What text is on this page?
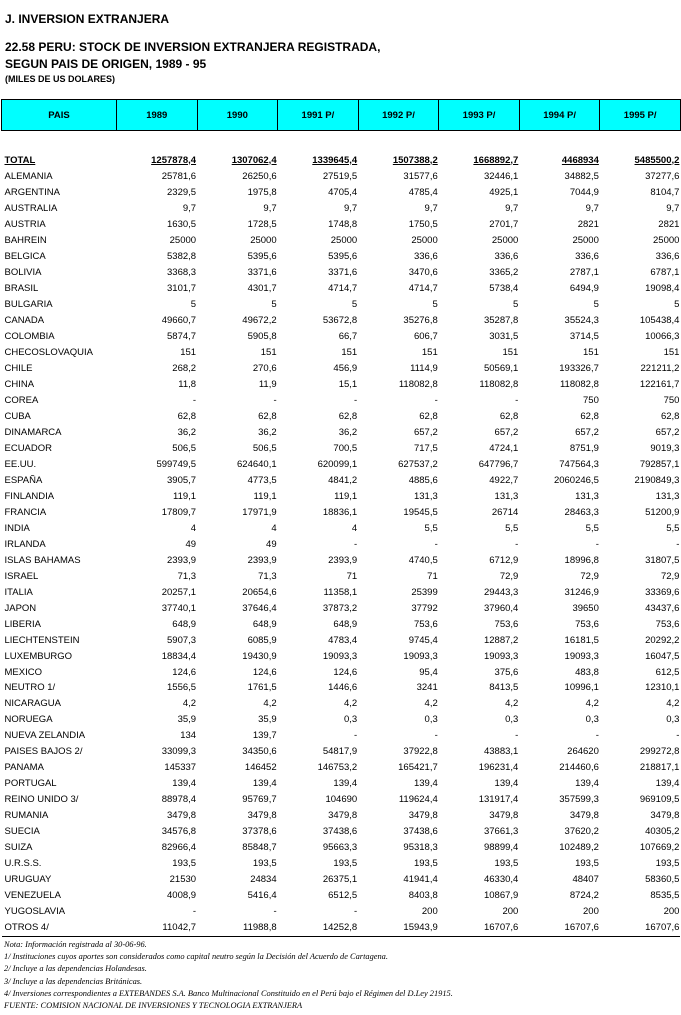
J. INVERSION EXTRANJERA
22.58 PERU: STOCK DE INVERSION EXTRANJERA REGISTRADA,
SEGUN PAIS DE ORIGEN, 1989 - 95
(MILES DE US DOLARES)
PAIS	1989	1990	1991 P/	1992 P/	1993 P/	1994 P/	1995 P/

TOTAL	1257878,4	1307062,4	1339645,4	1507388,2	1668892,7	4468934	5485500,2
ALEMANIA	25781,6	26250,6	27519,5	31577,6	32446,1	34882,5	37277,6
ARGENTINA	2329,5	1975,8	4705,4	4785,4	4925,1	7044,9	8104,7
AUSTRALIA	9,7	9,7	9,7	9,7	9,7	9,7	9,7
AUSTRIA	1630,5	1728,5	1748,8	1750,5	2701,7	2821	2821
BAHREIN	25000	25000	25000	25000	25000	25000	25000
BELGICA	5382,8	5395,6	5395,6	336,6	336,6	336,6	336,6
BOLIVIA	3368,3	3371,6	3371,6	3470,6	3365,2	2787,1	6787,1
BRASIL	3101,7	4301,7	4714,7	4714,7	5738,4	6494,9	19098,4
BULGARIA	5	5	5	5	5	5	5
CANADA	49660,7	49672,2	53672,8	35276,8	35287,8	35524,3	105438,4
COLOMBIA	5874,7	5905,8	66,7	606,7	3031,5	3714,5	10066,3
CHECOSLOVAQUIA	151	151	151	151	151	151	151
CHILE	268,2	270,6	456,9	1114,9	50569,1	193326,7	221211,2
CHINA	11,8	11,9	15,1	118082,8	118082,8	118082,8	122161,7
COREA	-	-	-	-	-	750	750
CUBA	62,8	62,8	62,8	62,8	62,8	62,8	62,8
DINAMARCA	36,2	36,2	36,2	657,2	657,2	657,2	657,2
ECUADOR	506,5	506,5	700,5	717,5	4724,1	8751,9	9019,3
EE.UU.	599749,5	624640,1	620099,1	627537,2	647796,7	747564,3	792857,1
ESPAÑA	3905,7	4773,5	4841,2	4885,6	4922,7	2060246,5	2190849,3
FINLANDIA	119,1	119,1	119,1	131,3	131,3	131,3	131,3
FRANCIA	17809,7	17971,9	18836,1	19545,5	26714	28463,3	51200,9
INDIA	4	4	4	5,5	5,5	5,5	5,5
IRLANDA	49	49	-	-	-	-	-
ISLAS BAHAMAS	2393,9	2393,9	2393,9	4740,5	6712,9	18996,8	31807,5
ISRAEL	71,3	71,3	71	71	72,9	72,9	72,9
ITALIA	20257,1	20654,6	11358,1	25399	29443,3	31246,9	33369,6
JAPON	37740,1	37646,4	37873,2	37792	37960,4	39650	43437,6
LIBERIA	648,9	648,9	648,9	753,6	753,6	753,6	753,6
LIECHTENSTEIN	5907,3	6085,9	4783,4	9745,4	12887,2	16181,5	20292,2
LUXEMBURGO	18834,4	19430,9	19093,3	19093,3	19093,3	19093,3	16047,5
MEXICO	124,6	124,6	124,6	95,4	375,6	483,8	612,5
NEUTRO 1/	1556,5	1761,5	1446,6	3241	8413,5	10996,1	12310,1
NICARAGUA	4,2	4,2	4,2	4,2	4,2	4,2	4,2
NORUEGA	35,9	35,9	0,3	0,3	0,3	0,3	0,3
NUEVA ZELANDIA	134	139,7	-	-	-	-	-
PAISES BAJOS 2/	33099,3	34350,6	54817,9	37922,8	43883,1	264620	299272,8
PANAMA	145337	146452	146753,2	165421,7	196231,4	214460,6	218817,1
PORTUGAL	139,4	139,4	139,4	139,4	139,4	139,4	139,4
REINO UNIDO 3/	88978,4	95769,7	104690	119624,4	131917,4	357599,3	969109,5
RUMANIA	3479,8	3479,8	3479,8	3479,8	3479,8	3479,8	3479,8
SUECIA	34576,8	37378,6	37438,6	37438,6	37661,3	37620,2	40305,2
SUIZA	82966,4	85848,7	95663,3	95318,3	98899,4	102489,2	107669,2
U.R.S.S.	193,5	193,5	193,5	193,5	193,5	193,5	193,5
URUGUAY	21530	24834	26375,1	41941,4	46330,4	48407	58360,5
VENEZUELA	4008,9	5416,4	6512,5	8403,8	10867,9	8724,2	8535,5
YUGOSLAVIA	-	-	-	200	200	200	200
OTROS 4/	11042,7	11988,8	14252,8	15943,9	16707,6	16707,6	16707,6
Nota: Información registrada al 30-06-96.
1/ Instituciones cuyos aportes son considerados como capital neutro según la Decisión del Acuerdo de Cartagena.
2/ Incluye a las dependencias Holandesas.
3/ Incluye a las dependencias Británicas.
4/ Inversiones correspondientes a EXTEBANDES S.A. Banco Multinacional Constituido en el Perú bajo el Régimen del D.Ley 21915.
FUENTE: COMISION NACIONAL DE INVERSIONES Y TECNOLOGIA EXTRANJERA
